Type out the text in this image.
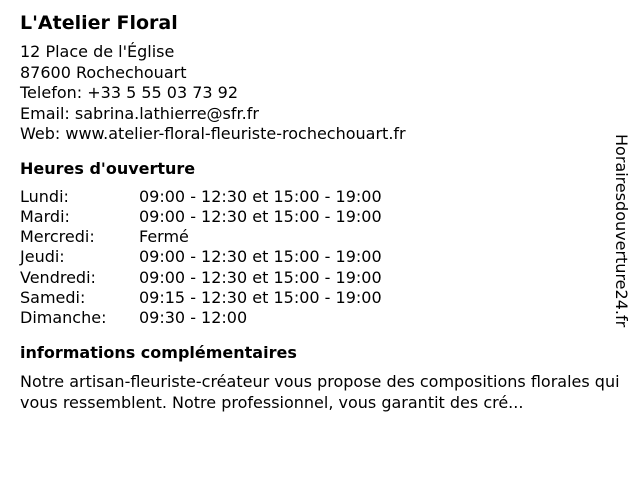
L'Atelier Floral
12 Place de l'Église
87600 Rochechouart
Telefon: +33 5 55 03 73 92
Email: sabrina.lathierre@sfr.fr
Web: www.atelier-floral-fleuriste-rochechouart.fr
Heures d'ouverture
Lundi:	09:00 - 12:30 et 15:00 - 19:00
Mardi:	09:00 - 12:30 et 15:00 - 19:00
Mercredi:	Fermé
Jeudi:	09:00 - 12:30 et 15:00 - 19:00
Vendredi:	09:00 - 12:30 et 15:00 - 19:00
Samedi:	09:15 - 12:30 et 15:00 - 19:00
Dimanche:	09:30 - 12:00
informations complémentaires
Notre artisan-fleuriste-créateur vous propose des compositions florales qui vous ressemblent. Notre professionnel, vous garantit des cré...
Horairesdouverture24.fr
